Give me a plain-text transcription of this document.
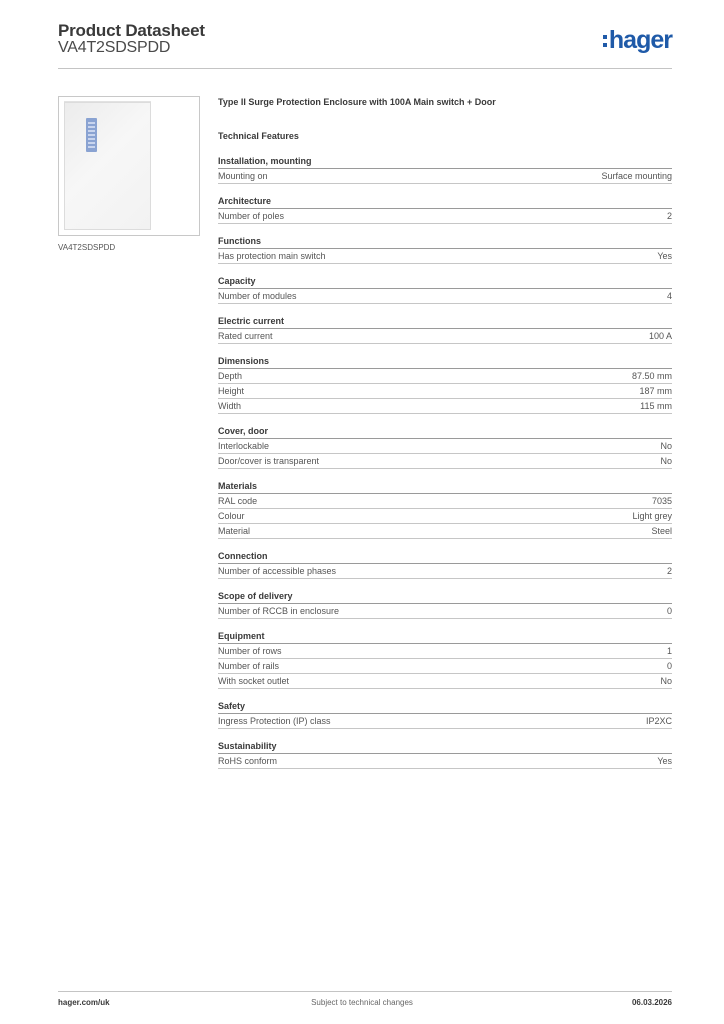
Product Datasheet
VA4T2SDSPDD	hager
VA4T2SDSPDD
Type II Surge Protection Enclosure with 100A Main switch + Door
Technical Features
Installation, mounting
Mounting on	Surface mounting
Architecture
Number of poles	2
Functions
Has protection main switch	Yes
Capacity
Number of modules	4
Electric current
Rated current	100 A
Dimensions
Depth	87.50 mm
Height	187 mm
Width	115 mm
Cover, door
Interlockable	No
Door/cover is transparent	No
Materials
RAL code	7035
Colour	Light grey
Material	Steel
Connection
Number of accessible phases	2
Scope of delivery
Number of RCCB in enclosure	0
Equipment
Number of rows	1
Number of rails	0
With socket outlet	No
Safety
Ingress Protection (IP) class	IP2XC
Sustainability
RoHS conform	Yes
hager.com/uk	Subject to technical changes	06.03.2026
